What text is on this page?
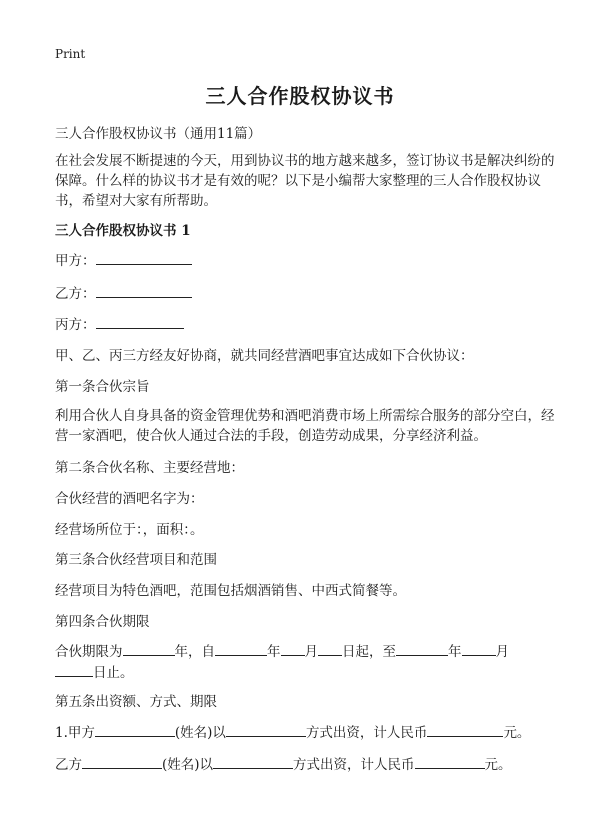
Print
三人合作股权协议书
三人合作股权协议书（通用11篇）
在社会发展不断提速的今天，用到协议书的地方越来越多，签订协议书是解决纠纷的保障。什么样的协议书才是有效的呢？以下是小编帮大家整理的三人合作股权协议书，希望对大家有所帮助。
三人合作股权协议书 1
甲方：
乙方：
丙方：
甲、乙、丙三方经友好协商，就共同经营酒吧事宜达成如下合伙协议：
第一条合伙宗旨
利用合伙人自身具备的资金管理优势和酒吧消费市场上所需综合服务的部分空白，经营一家酒吧，使合伙人通过合法的手段，创造劳动成果，分享经济利益。
第二条合伙名称、主要经营地：
合伙经营的酒吧名字为：
经营场所位于：，面积：。
第三条合伙经营项目和范围
经营项目为特色酒吧，范围包括烟酒销售、中西式简餐等。
第四条合伙期限
合伙期限为	年，自	年 月 日起，至	年	月
日止。
第五条出资额、方式、期限
1.甲方	(姓名)以	方式出资，计人民币	元。
乙方	(姓名)以	方式出资，计人民币	元。
